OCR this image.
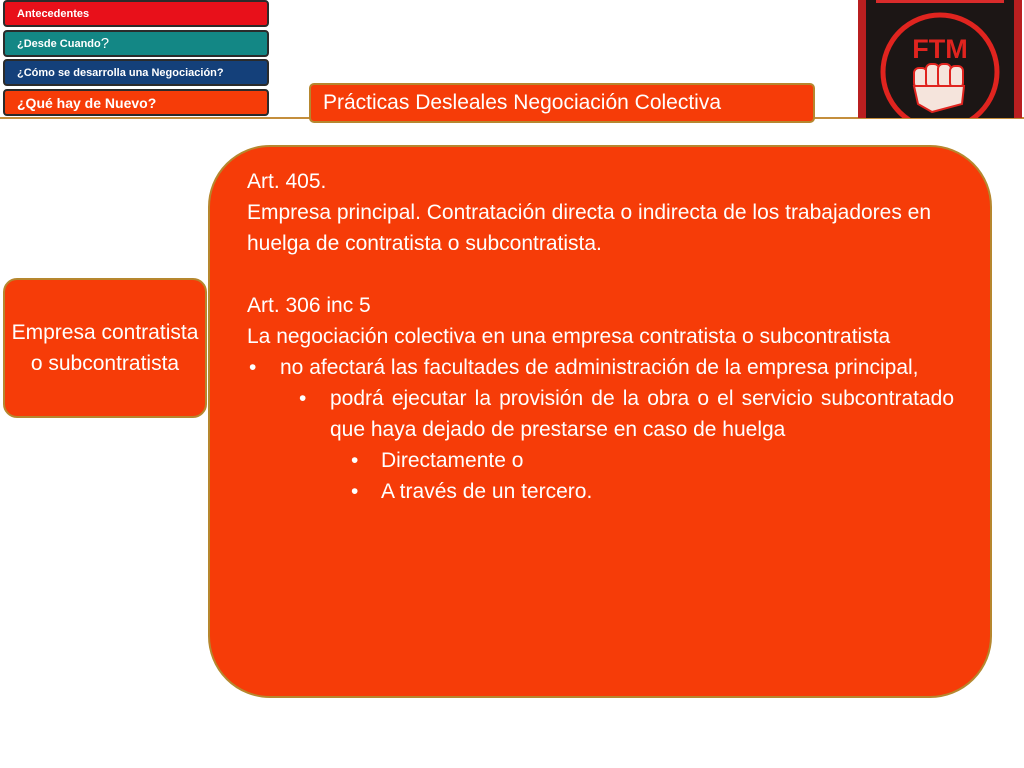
Antecedentes
¿Desde Cuando ?
¿Cómo se desarrolla una Negociación?
¿Qué hay de Nuevo?	Prácticas Desleales Negociación Colectiva
FTM
Empresa contratista o subcontratista

Art. 405.

Empresa principal. Contratación directa o indirecta de los trabajadores en huelga de contratista o subcontratista.

Art. 306 inc 5

La negociación colectiva en una empresa contratista o subcontratista

• no afectará las facultades de administración de la empresa principal,
• podrá ejecutar la provisión de la obra o el servicio subcontratado que haya dejado de prestarse en caso de huelga
• Directamente o
• A través de un tercero.
